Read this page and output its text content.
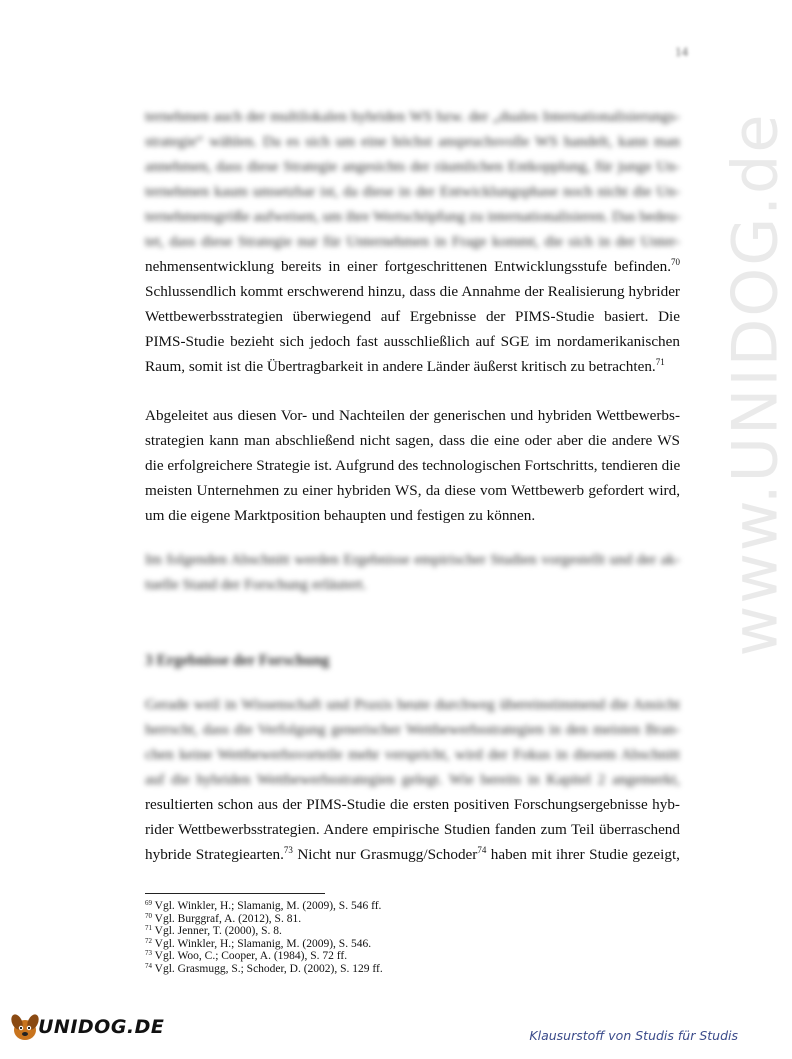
14
www.UNIDOG.de
ternehmen auch der multilokalen hybriden WS bzw. der „duales Internationalisierungs-
strategie“ wählen. Da es sich um eine höchst anspruchsvolle WS handelt, kann man
annehmen, dass diese Strategie angesichts der räumlichen Entkopplung, für junge Un-
ternehmen kaum umsetzbar ist, da diese in der Entwicklungsphase noch nicht die Un-
ternehmensgröße aufweisen, um ihre Wertschöpfung zu internationalisieren. Das bedeu-
tet, dass diese Strategie nur für Unternehmen in Frage kommt, die sich in der Unter-
nehmensentwicklung bereits in einer fortgeschrittenen Entwicklungsstufe befinden.$^{70}$
Schlussendlich kommt erschwerend hinzu, dass die Annahme der Realisierung hybrider
Wettbewerbsstrategien überwiegend auf Ergebnisse der PIMS-Studie basiert. Die
PIMS-Studie bezieht sich jedoch fast ausschließlich auf SGE im nordamerikanischen
Raum, somit ist die Übertragbarkeit in andere Länder äußerst kritisch zu betrachten.$^{71}$
Abgeleitet aus diesen Vor- und Nachteilen der generischen und hybriden Wettbewerbs-
strategien kann man abschließend nicht sagen, dass die eine oder aber die andere WS
die erfolgreichere Strategie ist. Aufgrund des technologischen Fortschritts, tendieren die
meisten Unternehmen zu einer hybriden WS, da diese vom Wettbewerb gefordert wird,
um die eigene Marktposition behaupten und festigen zu können.
Im folgenden Abschnitt werden Ergebnisse empirischer Studien vorgestellt und der ak-
tuelle Stand der Forschung erläutert.
3 Ergebnisse der Forschung
Gerade weil in Wissenschaft und Praxis heute durchweg übereinstimmend die Ansicht
herrscht, dass die Verfolgung generischer Wettbewerbsstrategien in den meisten Bran-
chen keine Wettbewerbsvorteile mehr verspricht, wird der Fokus in diesem Abschnitt
auf die hybriden Wettbewerbsstrategien gelegt. Wie bereits in Kapitel 2 angemerkt,
resultierten schon aus der PIMS-Studie die ersten positiven Forschungsergebnisse hyb-
rider Wettbewerbsstrategien. Andere empirische Studien fanden zum Teil überraschend
hybride Strategiearten.$^{73}$ Nicht nur Grasmugg/Schoder$^{74}$ haben mit ihrer Studie gezeigt,
$^{69}$ Vgl. Winkler, H.; Slamanig, M. (2009), S. 546 ff.
$^{70}$ Vgl. Burggraf, A. (2012), S. 81.
$^{71}$ Vgl. Jenner, T. (2000), S. 8.
$^{72}$ Vgl. Winkler, H.; Slamanig, M. (2009), S. 546.
$^{73}$ Vgl. Woo, C.; Cooper, A. (1984), S. 72 ff.
$^{74}$ Vgl. Grasmugg, S.; Schoder, D. (2002), S. 129 ff.
UNIDOG.DE	Klausurstoff von Studis für Studis
